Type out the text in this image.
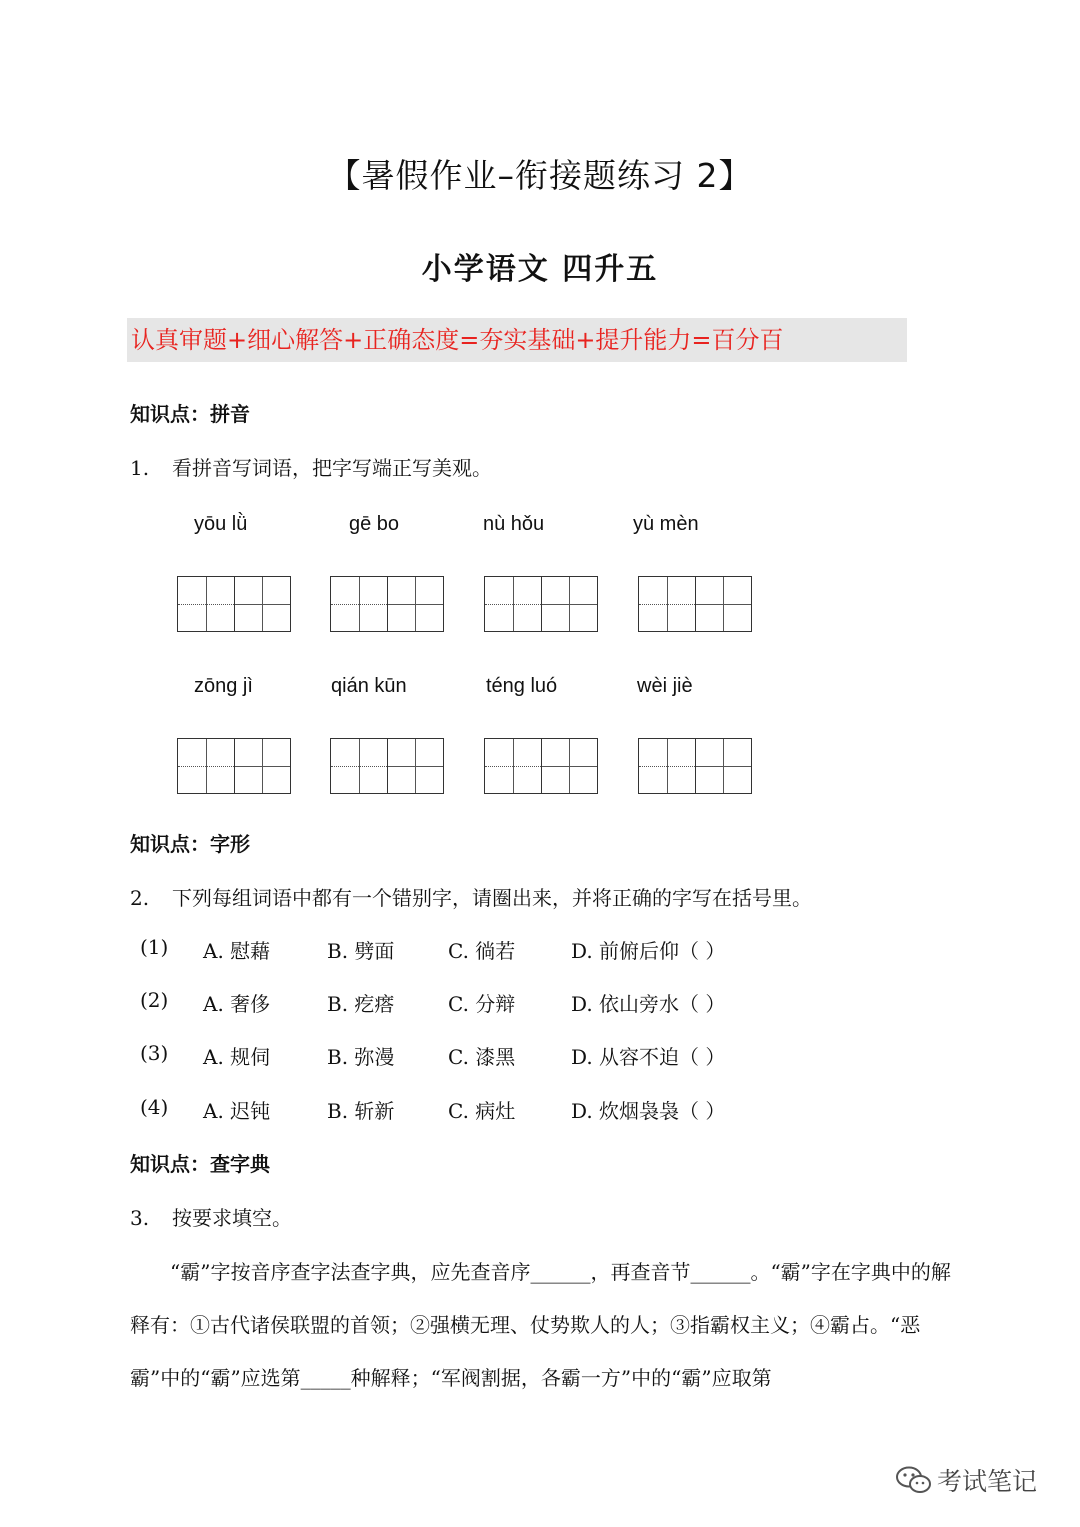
【暑假作业–衔接题练习 2】
小学语文 四升五
认真审题+细心解答+正确态度=夯实基础+提升能力=百分百
知识点：拼音
1. 看拼音写词语，把字写端正写美观。
yōu lǜ	gē bo	nù hǒu	yù mèn
zōng jì	qián kūn	téng luó	wèi jiè
知识点：字形
2. 下列每组词语中都有一个错别字，请圈出来，并将正确的字写在括号里。
(1) A. 慰藉	B. 劈面	C. 徜若	D. 前俯后仰（ ）
(2) A. 奢侈	B. 疙瘩	C. 分辩	D. 依山旁水（ ）
(3) A. 规伺	B. 弥漫	C. 漆黑	D. 从容不迫（ ）
(4) A. 迟钝	B. 斩新	C. 病灶	D. 炊烟袅袅（ ）
知识点：查字典
3. 按要求填空。
“霸”字按音序查字法查字典，应先查音序______，再查音节______。“霸”字在字典中的解释有：①古代诸侯联盟的首领；②强横无理、仗势欺人的人；③指霸权主义；④霸占。“恶霸”中的“霸”应选第_____种解释；“军阀割据，各霸一方”中的“霸”应取第
考试笔记
